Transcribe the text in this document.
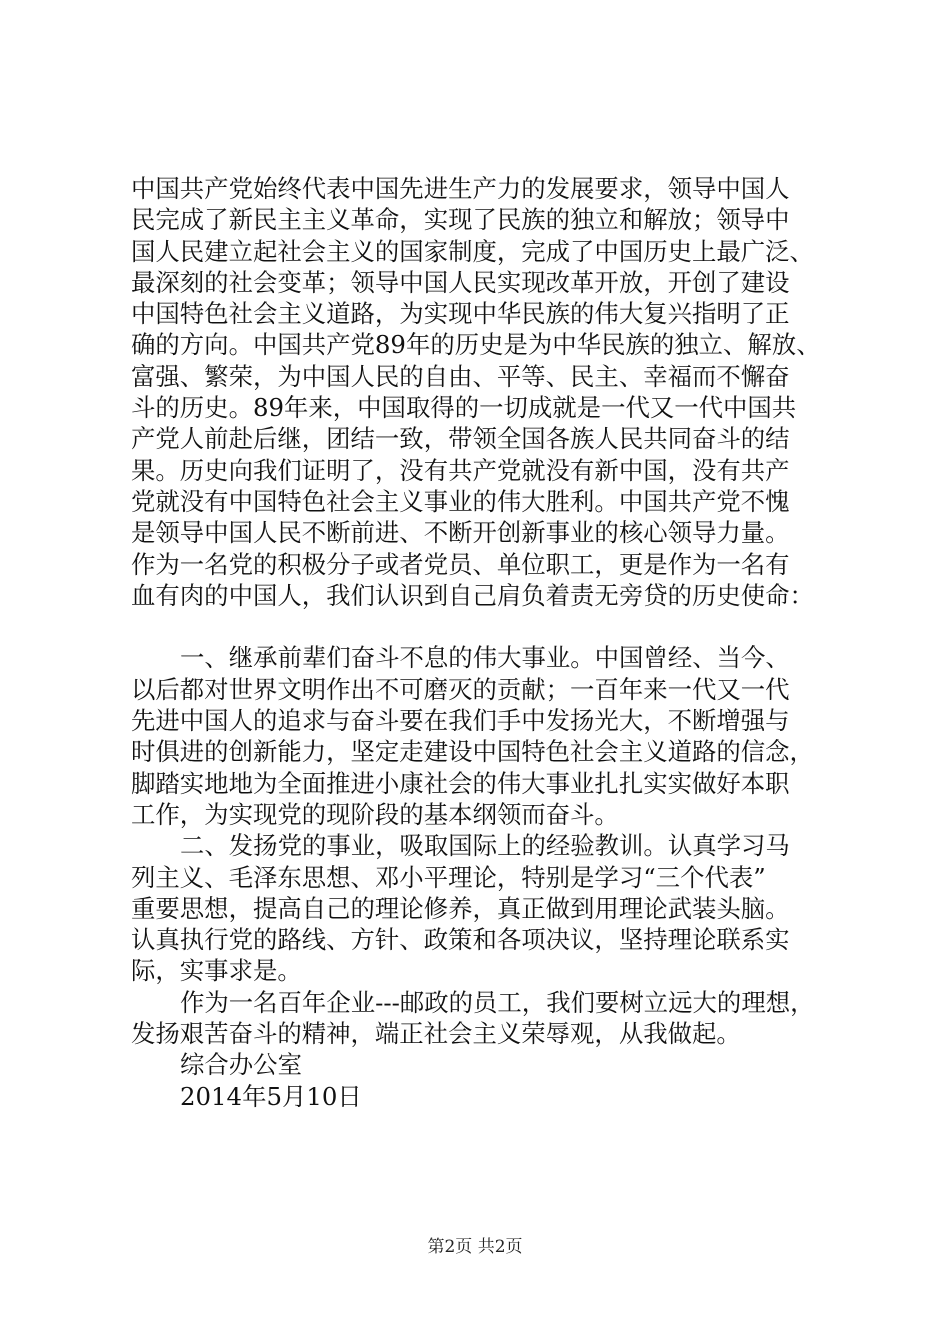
中国共产党始终代表中国先进生产力的发展要求，领导中国人
民完成了新民主主义革命，实现了民族的独立和解放；领导中
国人民建立起社会主义的国家制度，完成了中国历史上最广泛、
最深刻的社会变革；领导中国人民实现改革开放，开创了建设
中国特色社会主义道路，为实现中华民族的伟大复兴指明了正
确的方向。中国共产党89年的历史是为中华民族的独立、解放、
富强、繁荣，为中国人民的自由、平等、民主、幸福而不懈奋
斗的历史。89年来，中国取得的一切成就是一代又一代中国共
产党人前赴后继，团结一致，带领全国各族人民共同奋斗的结
果。历史向我们证明了，没有共产党就没有新中国，没有共产
党就没有中国特色社会主义事业的伟大胜利。中国共产党不愧
是领导中国人民不断前进、不断开创新事业的核心领导力量。
作为一名党的积极分子或者党员、单位职工，更是作为一名有
血有肉的中国人，我们认识到自己肩负着责无旁贷的历史使命：
一、继承前辈们奋斗不息的伟大事业。中国曾经、当今、
以后都对世界文明作出不可磨灭的贡献；一百年来一代又一代
先进中国人的追求与奋斗要在我们手中发扬光大，不断增强与
时俱进的创新能力，坚定走建设中国特色社会主义道路的信念，
脚踏实地地为全面推进小康社会的伟大事业扎扎实实做好本职
工作，为实现党的现阶段的基本纲领而奋斗。
二、发扬党的事业，吸取国际上的经验教训。认真学习马
列主义、毛泽东思想、邓小平理论，特别是学习“三个代表”
重要思想，提高自己的理论修养，真正做到用理论武装头脑。
认真执行党的路线、方针、政策和各项决议，坚持理论联系实
际，实事求是。
作为一名百年企业---邮政的员工，我们要树立远大的理想，
发扬艰苦奋斗的精神，端正社会主义荣辱观，从我做起。
综合办公室
2014年5月10日
第2页 共2页
